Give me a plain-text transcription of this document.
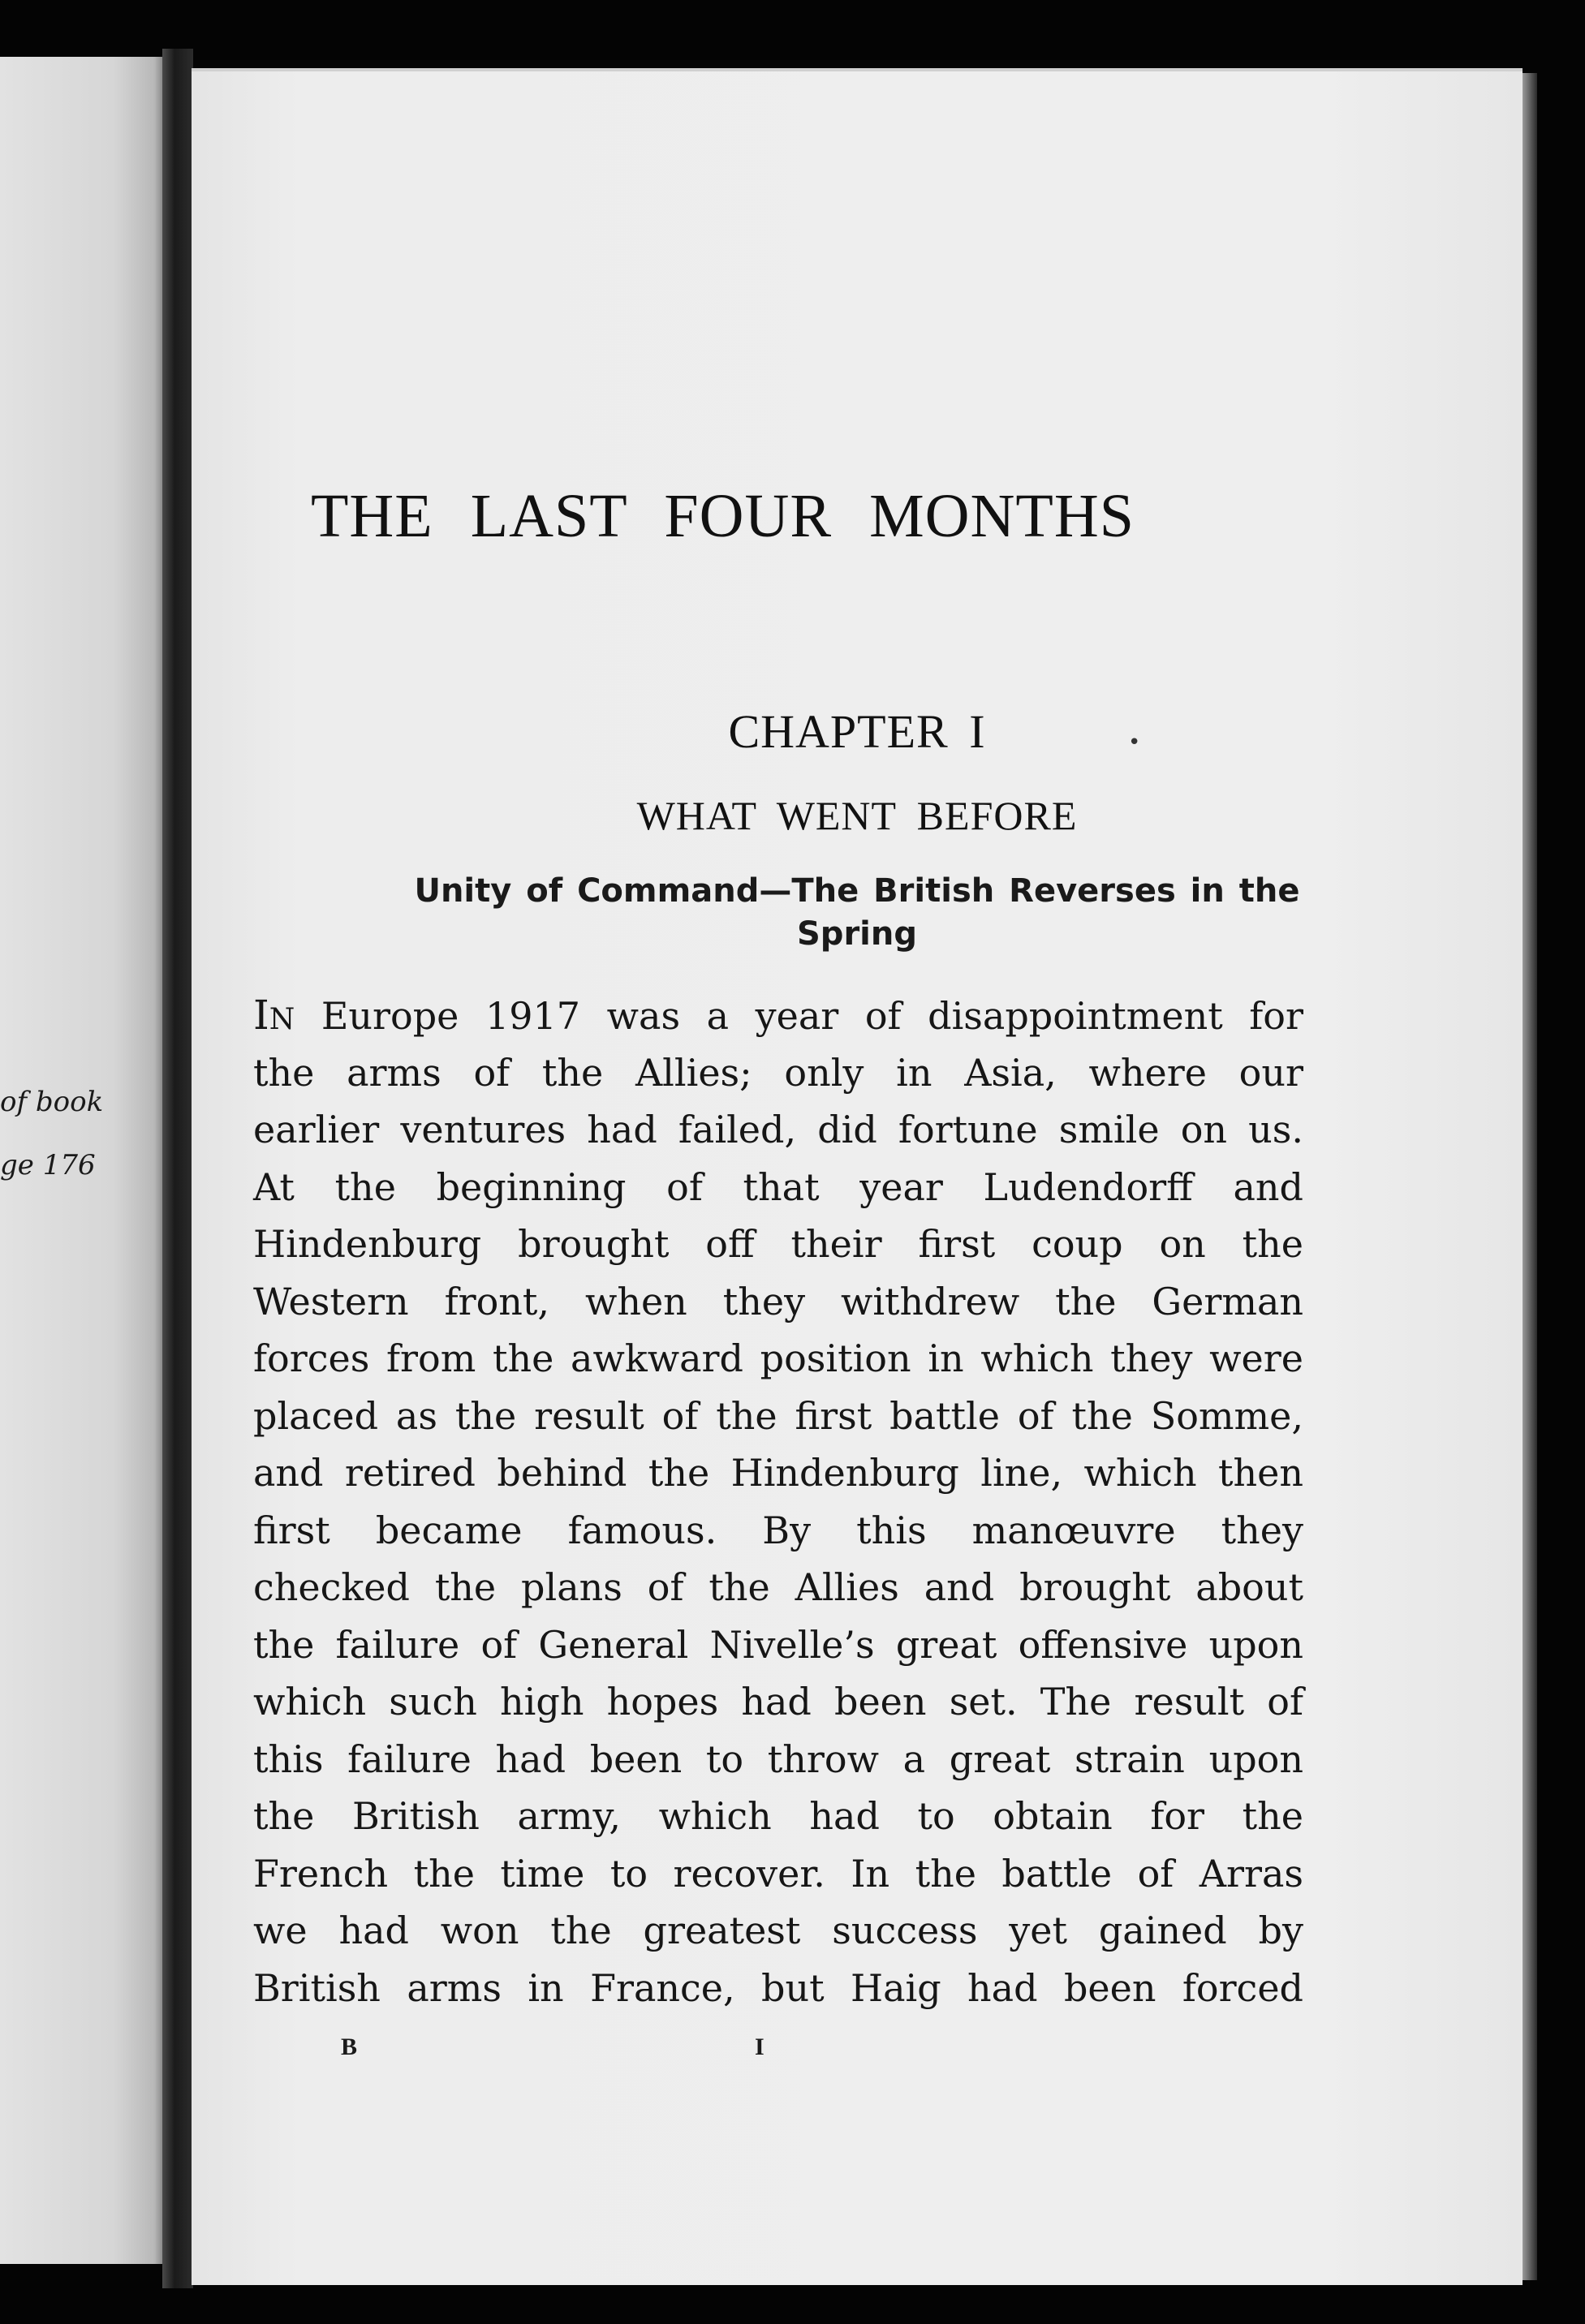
of book
ge 176
THE LAST FOUR MONTHS
CHAPTER I	•
WHAT WENT BEFORE
Unity of Command—The British Reverses in the
Spring
IN Europe 1917 was a year of disappointment for
the arms of the Allies; only in Asia, where our
earlier ventures had failed, did fortune smile on us.
At the beginning of that year Ludendorff and
Hindenburg brought off their first coup on the
Western front, when they withdrew the German
forces from the awkward position in which they were
placed as the result of the first battle of the Somme,
and retired behind the Hindenburg line, which then
first became famous. By this manœuvre they
checked the plans of the Allies and brought about
the failure of General Nivelle’s great offensive upon
which such high hopes had been set. The result of
this failure had been to throw a great strain upon
the British army, which had to obtain for the
French the time to recover. In the battle of Arras
we had won the greatest success yet gained by
British arms in France, but Haig had been forced
B	I
